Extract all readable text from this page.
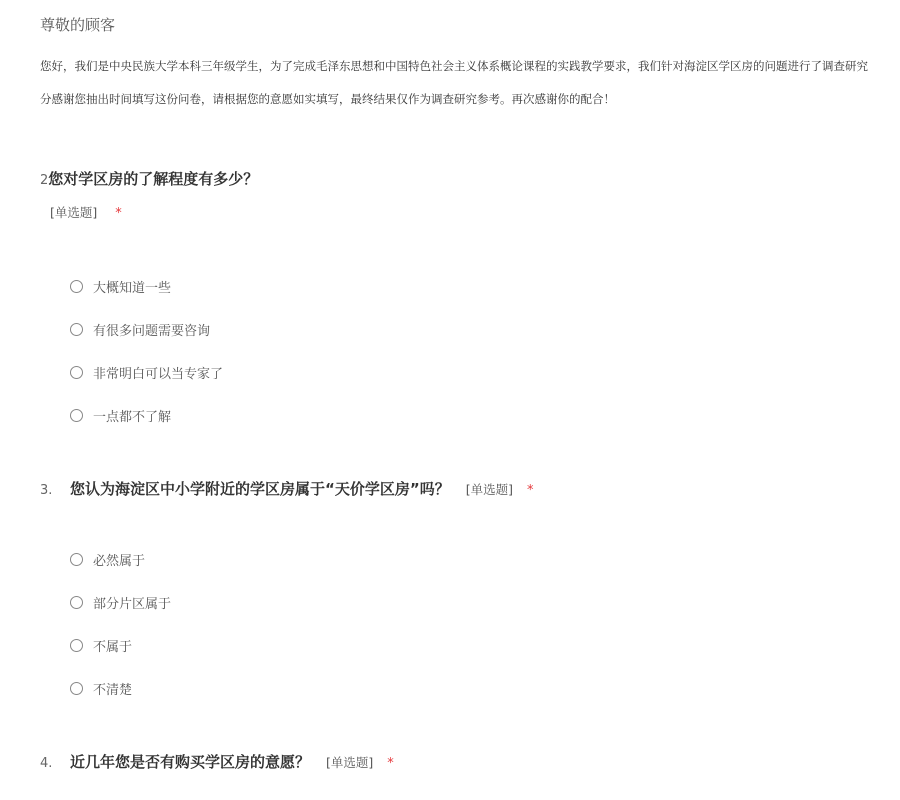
尊敬的顾客

您好，我们是中央民族大学本科三年级学生，为了完成毛泽东思想和中国特色社会主义体系概论课程的实践教学要求，我们针对海淀区学区房的问题进行了调查研究

分感谢您抽出时间填写这份问卷，请根据您的意愿如实填写，最终结果仅作为调查研究参考。再次感谢你的配合！

2 您对学区房的了解程度有多少？
[单选题] *
大概知道一些
有很多问题需要咨询
非常明白可以当专家了
一点都不了解
3.	您认为海淀区中小学附近的学区房属于“天价学区房”吗？ [单选题] *
必然属于
部分片区属于
不属于
不清楚
4.	近几年您是否有购买学区房的意愿？ [单选题] *
